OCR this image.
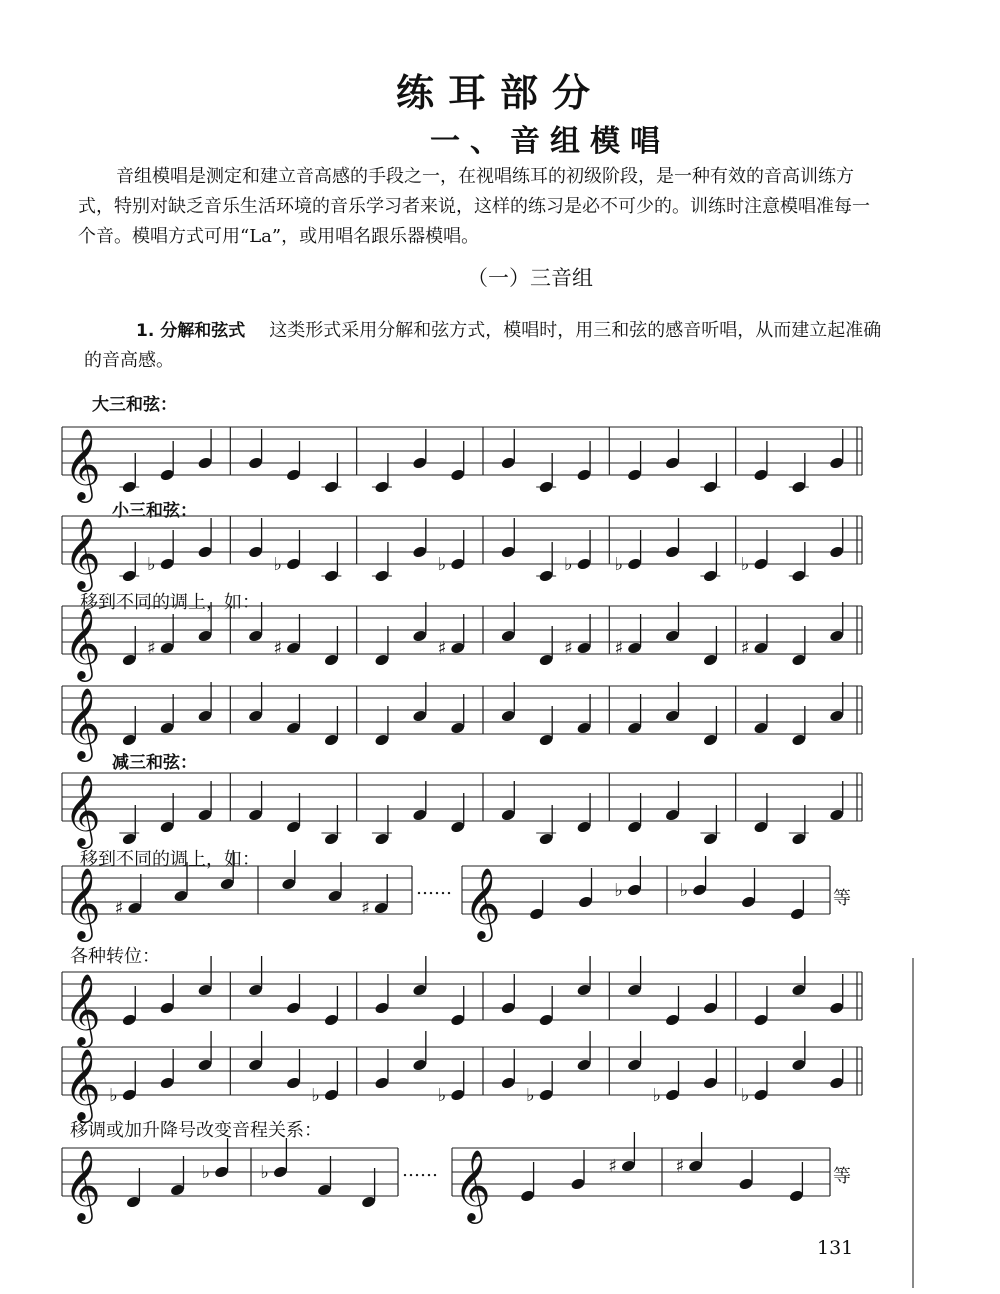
练耳部分
一、音组模唱
音组模唱是测定和建立音高感的手段之一，在视唱练耳的初级阶段，是一种有效的音高训练方式，特别对缺乏音乐生活环境的音乐学习者来说，这样的练习是必不可少的。训练时注意模唱准每一个音。模唱方式可用“La”，或用唱名跟乐器模唱。
（一）三音组
1. 分解和弦式 这类形式采用分解和弦方式，模唱时，用三和弦的感音听唱，从而建立起准确的音高感。
大三和弦：
小三和弦：
移到不同的调上，如：
减三和弦：
移到不同的调上，如：
各种转位：
移调或加升降号改变音程关系：
……
……
等
等
𝄞
𝄞	♭	♭	♭	♭ ♭	♭
𝄞	♯	♯	♯	♯ ♯	♯
𝄞
𝄞
𝄞 ♯	♯ 𝄞	♭	♭
𝄞
𝄞 ♭	♭	♭	♭	♭	♭
𝄞	♭	♭	𝄞	♯	♯
131
